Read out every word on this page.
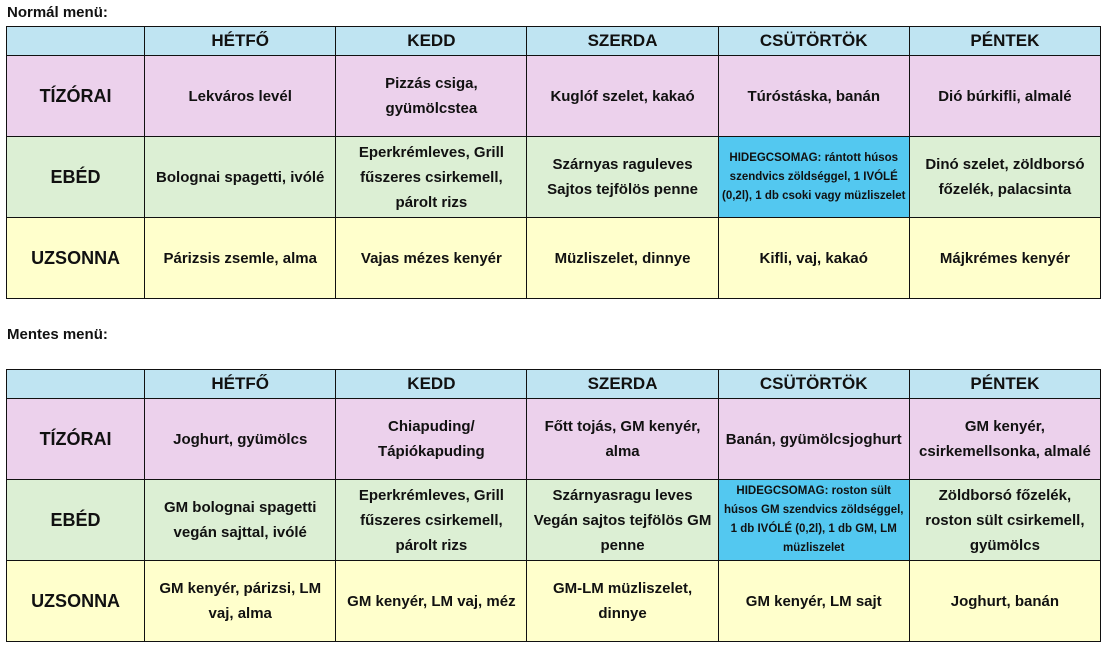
Normál menü:
	HÉTFŐ	KEDD	SZERDA	CSÜTÖRTÖK	PÉNTEK
TÍZÓRAI	Lekváros levél	Pizzás csiga, gyümölcstea	Kuglóf szelet, kakaó	Túróstáska, banán	Dió búrkifli, almalé
EBÉD	Bolognai spagetti, ivólé	Eperkrémleves, Grill fűszeres csirkemell, párolt rizs	Szárnyas raguleves Sajtos tejfölös penne	HIDEGCSOMAG: rántott húsos szendvics zöldséggel, 1 IVÓLÉ (0,2l), 1 db csoki vagy müzliszelet	Dinó szelet, zöldborsó főzelék, palacsinta
UZSONNA	Párizsis zsemle, alma	Vajas mézes kenyér	Müzliszelet, dinnye	Kifli, vaj, kakaó	Májkrémes kenyér
Mentes menü:
	HÉTFŐ	KEDD	SZERDA	CSÜTÖRTÖK	PÉNTEK
TÍZÓRAI	Joghurt, gyümölcs	Chiapuding/ Tápiókapuding	Főtt tojás, GM kenyér, alma	Banán, gyümölcsjoghurt	GM kenyér, csirkemellsonka, almalé
EBÉD	GM bolognai spagetti vegán sajttal, ivólé	Eperkrémleves, Grill fűszeres csirkemell, párolt rizs	Szárnyasragu leves Vegán sajtos tejfölös GM penne	HIDEGCSOMAG: roston sült húsos GM szendvics zöldséggel, 1 db IVÓLÉ (0,2l), 1 db GM, LM müzliszelet	Zöldborsó főzelék, roston sült csirkemell, gyümölcs
UZSONNA	GM kenyér, párizsi, LM vaj, alma	GM kenyér, LM vaj, méz	GM-LM müzliszelet, dinnye	GM kenyér, LM sajt	Joghurt, banán
